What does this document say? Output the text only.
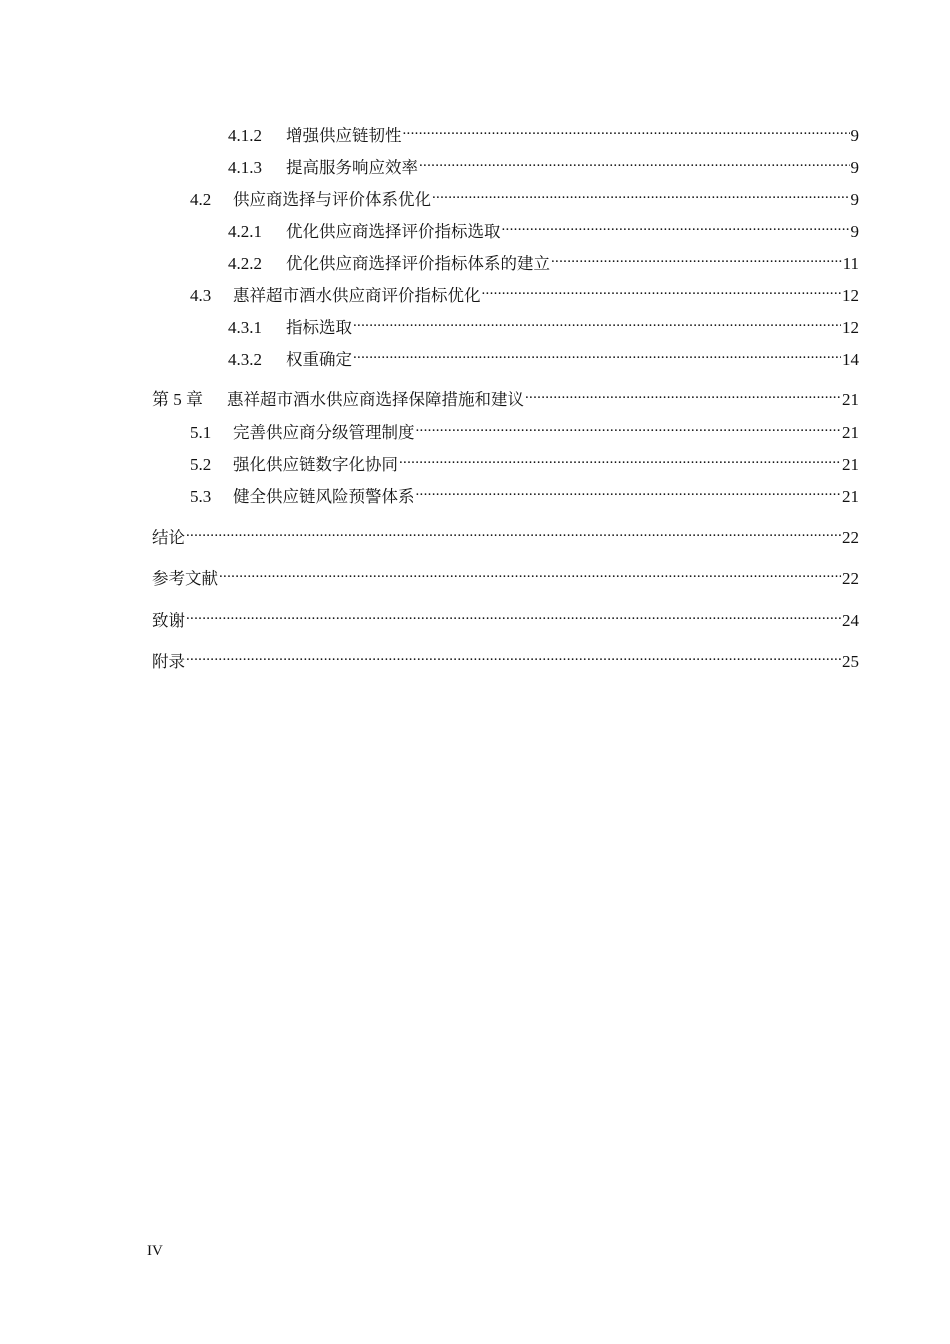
4.1.2	增强供应链韧性 .....	9
4.1.3	提高服务响应效率 .....	9
4.2	供应商选择与评价体系优化 .....	9
4.2.1	优化供应商选择评价指标选取 .....	9
4.2.2	优化供应商选择评价指标体系的建立 .....	11
4.3	惠祥超市酒水供应商评价指标优化 .....	12
4.3.1	指标选取 .....	12
4.3.2	权重确定 .....	14
第 5 章	惠祥超市酒水供应商选择保障措施和建议 .....	21
5.1	完善供应商分级管理制度 .....	21
5.2	强化供应链数字化协同 .....	21
5.3	健全供应链风险预警体系 .....	21
结论 .....	22
参考文献 .....	22
致谢 .....	24
附录 .....	25
IV
